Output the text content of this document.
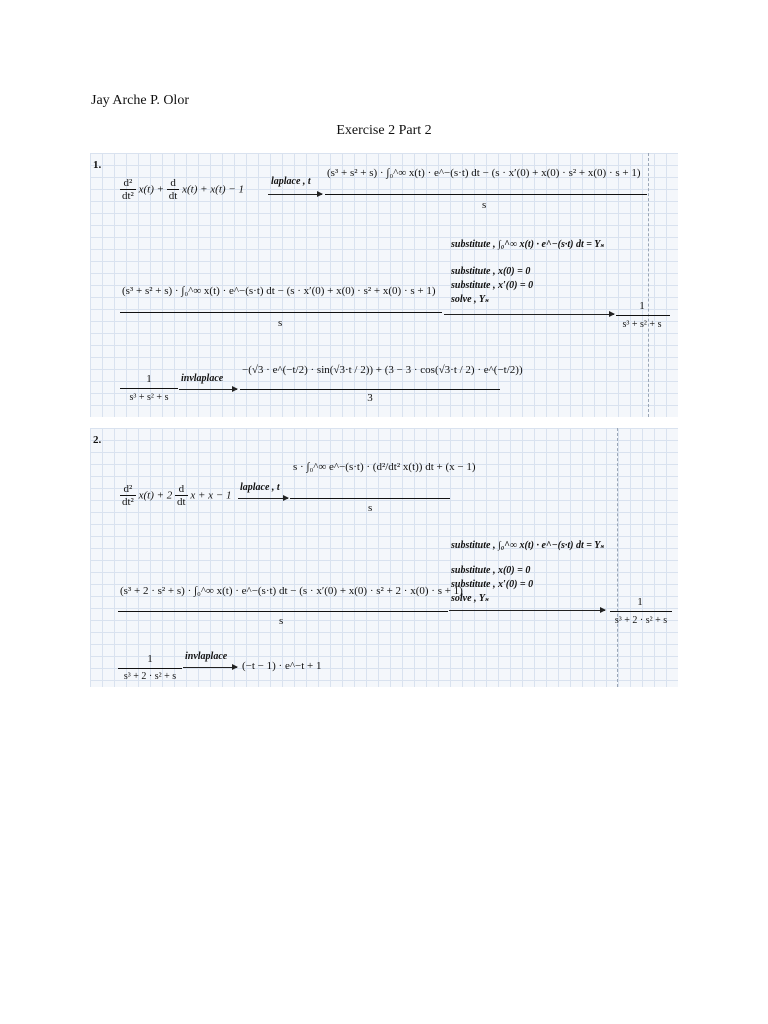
Jay Arche P. Olor
Exercise 2 Part 2
1.
$\frac{\text{d²}}{\text{dt²}} x(t) + \frac{d}{dt} x(t) + x(t) - 1$
laplace , t
(s³ + s² + s) · ∫₀^∞ x(t) · e^−(s·t) dt − (s · x′(0) + x(0) · s² + x(0) · s + 1)
s
substitute , ∫₀^∞ x(t) · e^−(s·t) dt = Yₛ
substitute , x(0) = 0
substitute , x′(0) = 0
solve , Yₛ
(s³ + s² + s) · ∫₀^∞ x(t) · e^−(s·t) dt − (s · x′(0) + x(0) · s² + x(0) · s + 1)
s
1
s³ + s² + s
1
s³ + s² + s
invlaplace
−(√3 · e^(−t/2) · sin(√3·t / 2)) + (3 − 3 · cos(√3·t / 2) · e^(−t/2))
3
2.
$\frac{\text{d²}}{\text{dt²}} x(t) + 2 \frac{d}{dt}$ x + x − 1
laplace , t
s · ∫₀^∞ e^−(s·t) · (d²/dt² x(t)) dt + (x − 1)
s
substitute , ∫₀^∞ x(t) · e^−(s·t) dt = Yₛ
substitute , x(0) = 0
substitute , x′(0) = 0
solve , Yₛ
(s³ + 2 · s² + s) · ∫₀^∞ x(t) · e^−(s·t) dt − (s · x′(0) + x(0) · s² + 2 · x(0) · s + 1)
s
1
s³ + 2 · s² + s
1
s³ + 2 · s² + s
invlaplace
(−t − 1) · e^−t + 1
